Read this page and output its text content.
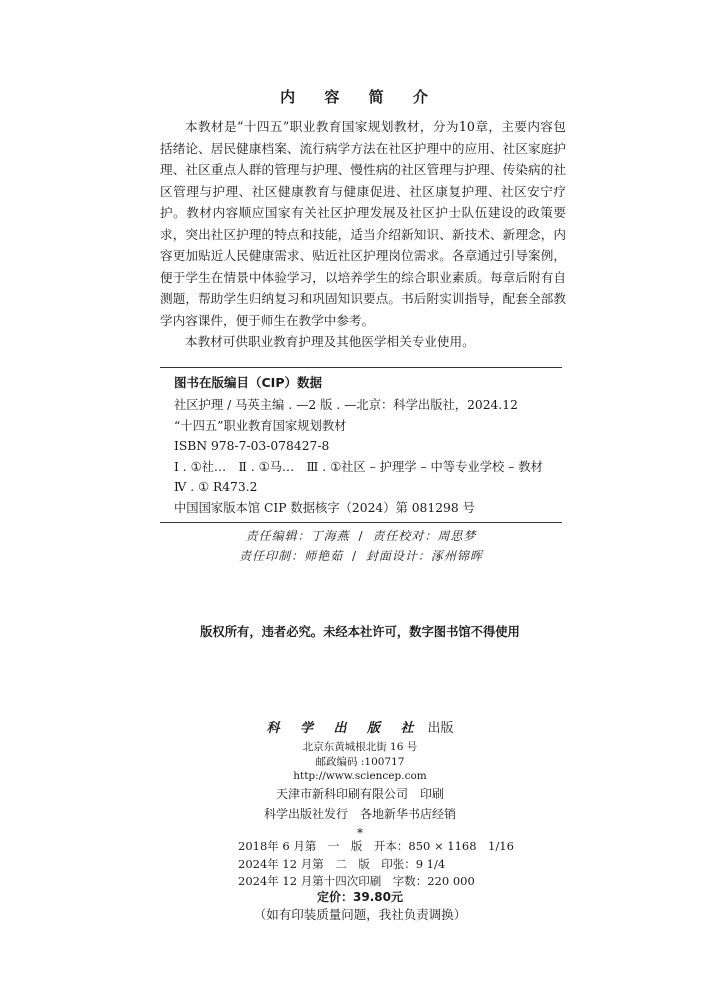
内 容 简 介

本教材是“十四五”职业教育国家规划教材，分为10章，主要内容包括绪论、居民健康档案、流行病学方法在社区护理中的应用、社区家庭护理、社区重点人群的管理与护理、慢性病的社区管理与护理、传染病的社区管理与护理、社区健康教育与健康促进、社区康复护理、社区安宁疗护。教材内容顺应国家有关社区护理发展及社区护士队伍建设的政策要求，突出社区护理的特点和技能，适当介绍新知识、新技术、新理念，内容更加贴近人民健康需求、贴近社区护理岗位需求。各章通过引导案例，便于学生在情景中体验学习，以培养学生的综合职业素质。每章后附有自测题，帮助学生归纳复习和巩固知识要点。书后附实训指导，配套全部教学内容课件，便于师生在教学中参考。

本教材可供职业教育护理及其他医学相关专业使用。

图书在版编目（CIP）数据
社区护理 / 马英主编 . —2 版 . —北京：科学出版社，2024.12
“十四五”职业教育国家规划教材
ISBN 978-7-03-078427-8
Ⅰ . ①社…　Ⅱ . ①马…　Ⅲ . ①社区 – 护理学 – 中等专业学校 – 教材
Ⅳ . ① R473.2
中国国家版本馆 CIP 数据核字（2024）第 081298 号
责任编辑：丁海燕 / 责任校对：周思梦
责任印制：师艳茹 / 封面设计：涿州锦晖
版权所有，违者必究。未经本社许可，数字图书馆不得使用
科 学 出 版 社 出版
北京东黄城根北街 16 号
邮政编码 :100717
http://www.sciencep.com
天津市新科印刷有限公司　印刷
科学出版社发行　各地新华书店经销
*
2018年 6 月第　一　版　开本：850 × 1168　1/16
2024年 12 月第　二　版　印张：9 1/4
2024年 12 月第十四次印刷　字数：220 000
定价：39.80元
（如有印装质量问题，我社负责调换）
